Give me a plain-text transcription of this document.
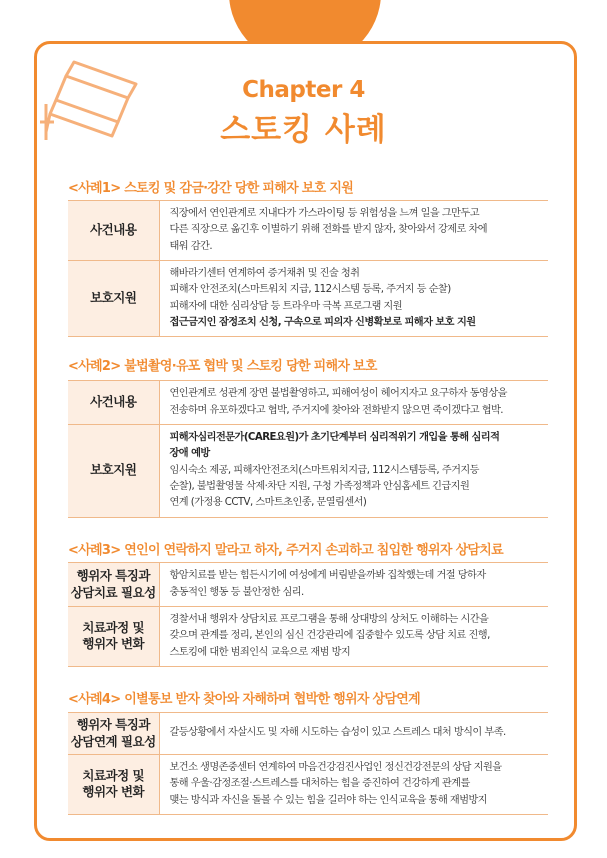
Chapter 4
스토킹 사례
<사례1> 스토킹 및 감금·강간 당한 피해자 보호 지원
사건내용	직장에서 연인관계로 지내다가 가스라이팅 등 위험성을 느껴 일을 그만두고
다른 직장으로 옮긴후 이별하기 위해 전화를 받지 않자, 찾아와서 강제로 차에
태워 감간.

보호지원	해바라기센터 연계하여 증거채취 및 진술 청취
피해자 안전조치(스마트워치 지급, 112시스템 등록, 주거지 등 순찰)
피해자에 대한 심리상담 등 트라우마 극복 프로그램 지원
접근금지인 잠정조치 신청, 구속으로 피의자 신병확보로 피해자 보호 지원
<사례2> 불법촬영·유포 협박 및 스토킹 당한 피해자 보호
사건내용	연인관계로 성관계 장면 불법촬영하고, 피해여성이 헤어지자고 요구하자 동영상을
전송하며 유포하겠다고 협박, 주거지에 찾아와 전화받지 않으면 죽이겠다고 협박.

보호지원	피해자심리전문가(CARE요원)가 초기단계부터 심리적위기 개입을 통해 심리적
장애 예방
임시숙소 제공, 피해자안전조치(스마트워치지급, 112시스템등록, 주거지등
순찰), 불법촬영물 삭제·차단 지원, 구청 가족정책과 안심홈세트 긴급지원
연계 (가정용 CCTV, 스마트초인종, 문열림센서)
<사례3> 연인이 연락하지 말라고 하자, 주거지 손괴하고 침입한 행위자 상담치료
행위자 특징과
상담치료 필요성	항암치료를 받는 힘든시기에 여성에게 버림받을까봐 집착했는데 거절 당하자
충동적인 행동 등 불안정한 심리.

치료과정 및
행위자 변화	경찰서내 행위자 상담치료 프로그램을 통해 상대방의 상처도 이해하는 시간을
갖으며 관계를 정리, 본인의 심신 건강관리에 집중할수 있도록 상담 치료 진행,
스토킹에 대한 범죄인식 교육으로 재범 방지
<사례4> 이별통보 받자 찾아와 자해하며 협박한 행위자 상담연계
행위자 특징과
상담연계 필요성	갈등상황에서 자살시도 및 자해 시도하는 습성이 있고 스트레스 대처 방식이 부족.

치료과정 및
행위자 변화	보건소 생명존중센터 연계하여 마음건강검진사업인 정신건강전문의 상담 지원을
통해 우울·감정조절·스트레스를 대처하는 힘을 증진하여 건강하게 관계를
맺는 방식과 자신을 돌볼 수 있는 힘을 길러야 하는 인식교육을 통해 재범방지
